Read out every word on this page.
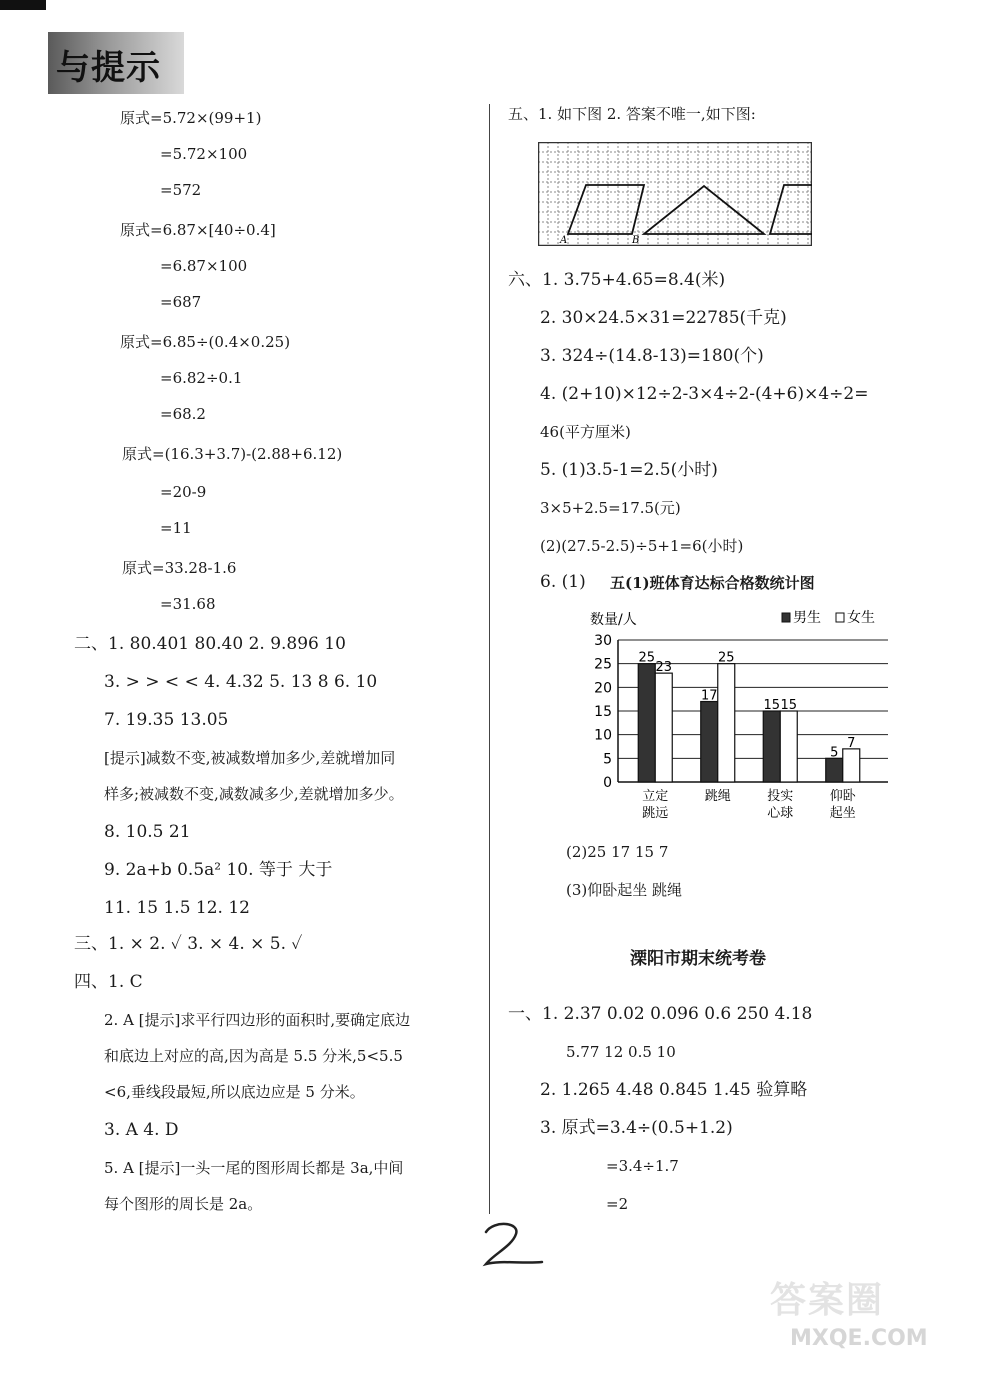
与提示
原式=5.72×(99+1)
=5.72×100
=572
原式=6.87×[40÷0.4]
=6.87×100
=687
原式=6.85÷(0.4×0.25)
=6.82÷0.1
=68.2
原式=(16.3+3.7)-(2.88+6.12)
=20-9
=11
原式=33.28-1.6
=31.68
二、1. 80.401 80.40 2. 9.896 10
3. > > < < 4. 4.32 5. 13 8 6. 10
7. 19.35 13.05
[提示]减数不变,被减数增加多少,差就增加同
样多;被减数不变,减数减多少,差就增加多少。
8. 10.5 21
9. 2a+b 0.5a² 10. 等于 大于
11. 15 1.5 12. 12
三、1. × 2. ✓ 3. × 4. × 5. ✓
四、1. C
2. A [提示]求平行四边形的面积时,要确定底边
和底边上对应的高,因为高是 5.5 分米,5<5.5
<6,垂线段最短,所以底边应是 5 分米。
3. A 4. D
5. A [提示]一头一尾的图形周长都是 3a,中间
每个图形的周长是 2a。
五、1. 如下图 2. 答案不唯一,如下图:
A	B
六、1. 3.75+4.65=8.4(米)
2. 30×24.5×31=22785(千克)
3. 324÷(14.8-13)=180(个)
4. (2+10)×12÷2-3×4÷2-(4+6)×4÷2=
46(平方厘米)
5. (1)3.5-1=2.5(小时)
3×5+2.5=17.5(元)
(2)(27.5-2.5)÷5+1=6(小时)
6. (1) 五(1)班体育达标合格数统计图
数量/人	男生 女生
0
5
10
15
20
25
30
25
23
立定
跳远
17
25
跳绳
15 15
投实
心球
5
7
仰卧
起坐
(2)25 17 15 7
(3)仰卧起坐 跳绳
溧阳市期末统考卷
一、1. 2.37 0.02 0.096 0.6 250 4.18
5.77 12 0.5 10
2. 1.265 4.48 0.845 1.45 验算略
3. 原式=3.4÷(0.5+1.2)
=3.4÷1.7
=2
答案圈
MXQE.COM
